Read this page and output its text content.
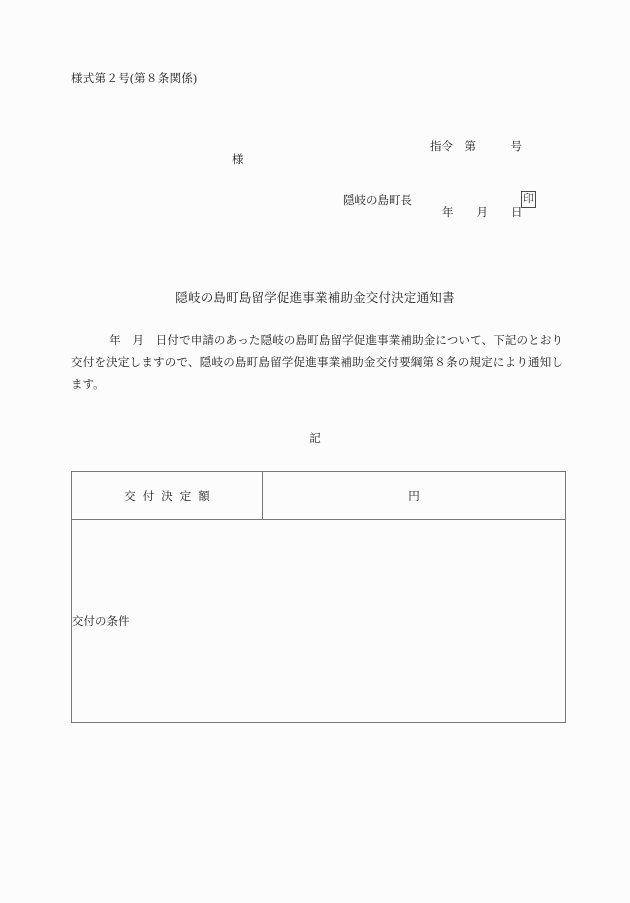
様式第２号(第８条関係)

指令　第　　　号

年　　月　　日

様
隠岐の島町長	印
隠岐の島町島留学促進事業補助金交付決定通知書
年　月　日付で申請のあった隠岐の島町島留学促進事業補助金について、下記のとおり交付を決定しますので、隠岐の島町島留学促進事業補助金交付要綱第８条の規定により通知します。
記
交付決定額	円
交付の条件
